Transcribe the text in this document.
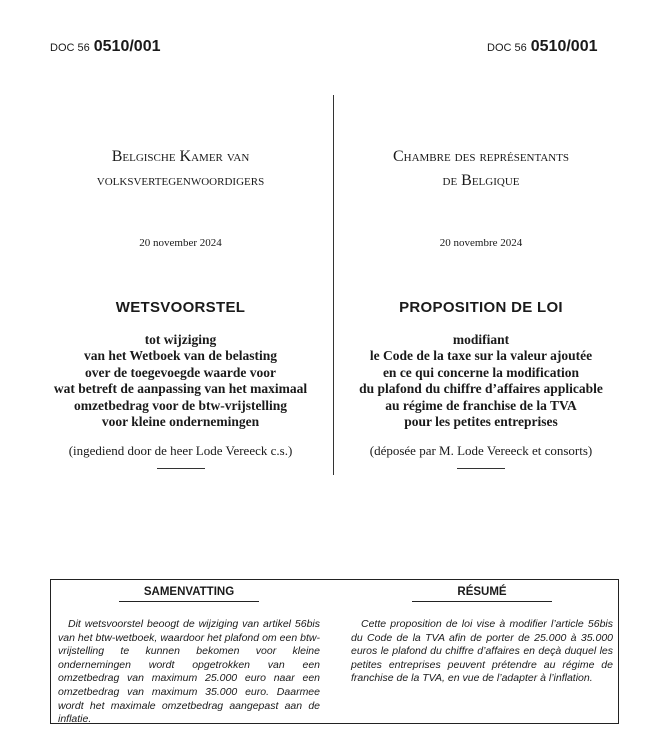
DOC 56 0510/001	DOC 56 0510/001
Belgische Kamer van
volksvertegenwoordigers
20 november 2024
WETSVOORSTEL
tot wijziging
van het Wetboek van de belasting
over de toegevoegde waarde voor
wat betreft de aanpassing van het maximaal
omzetbedrag voor de btw-vrijstelling
voor kleine ondernemingen
(ingediend door de heer Lode Vereeck c.s.)
Chambre des représentants
de Belgique
20 novembre 2024
PROPOSITION DE LOI
modifiant
le Code de la taxe sur la valeur ajoutée
en ce qui concerne la modification
du plafond du chiffre d’affaires applicable
au régime de franchise de la TVA
pour les petites entreprises
(déposée par M. Lode Vereeck et consorts)
SAMENVATTING
Dit wetsvoorstel beoogt de wijziging van artikel 56bis van het btw-wetboek, waardoor het plafond om een btw-vrijstelling te kunnen bekomen voor kleine ondernemingen wordt opgetrokken van een omzetbedrag van maximum 25.000 euro naar een omzetbedrag van maximum 35.000 euro. Daarmee wordt het maximale omzetbedrag aangepast aan de inflatie.
RÉSUMÉ
Cette proposition de loi vise à modifier l’article 56bis du Code de la TVA afin de porter de 25.000 à 35.000 euros le plafond du chiffre d’affaires en deçà duquel les petites entreprises peuvent prétendre au régime de franchise de la TVA, en vue de l’adapter à l’inflation.
